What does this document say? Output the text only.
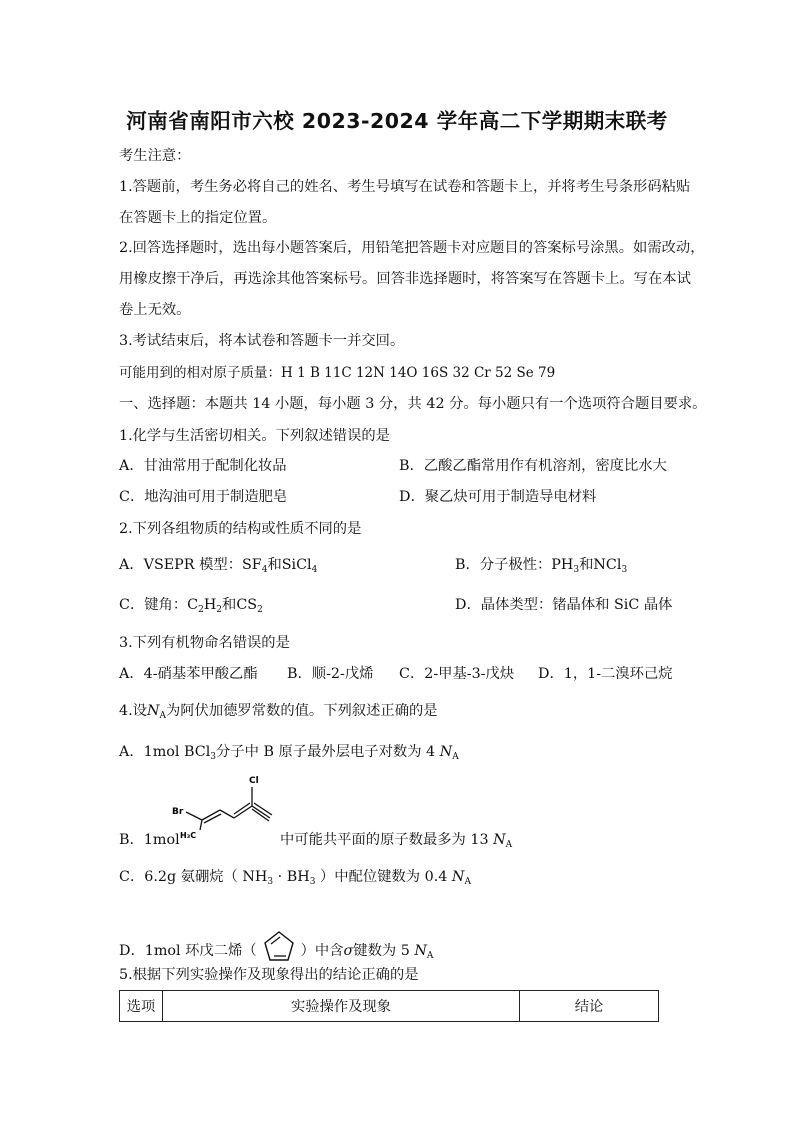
河南省南阳市六校 2023-2024 学年高二下学期期末联考
考生注意：
1.答题前，考生务必将自己的姓名、考生号填写在试卷和答题卡上，并将考生号条形码粘贴
在答题卡上的指定位置。
2.回答选择题时，选出每小题答案后，用铅笔把答题卡对应题目的答案标号涂黑。如需改动，
用橡皮擦干净后，再选涂其他答案标号。回答非选择题时，将答案写在答题卡上。写在本试
卷上无效。
3.考试结束后，将本试卷和答题卡一并交回。
可能用到的相对原子质量：H 1 B 11C 12N 14O 16S 32 Cr 52 Se 79
一、选择题：本题共 14 小题，每小题 3 分，共 42 分。每小题只有一个选项符合题目要求。
1.化学与生活密切相关。下列叙述错误的是
A．甘油常用于配制化妆品	B．乙酸乙酯常用作有机溶剂，密度比水大
C．地沟油可用于制造肥皂	D．聚乙炔可用于制造导电材料
2.下列各组物质的结构或性质不同的是
A．VSEPR 模型：$SF_4$和SiCl$_4$	B．分子极性：$PH_3$和NCl$_3$
C．键角：$C_2H_2$和$CS_2$	D．晶体类型：锗晶体和 SiC 晶体
3.下列有机物命名错误的是
A．4-硝基苯甲酸乙酯 B．顺-2-戊烯 C．2-甲基-3-戊炔 D．1，1-二溴环己烷
4.设$N_A$为阿伏加德罗常数的值。下列叙述正确的是
A．1mol BCl$_3$分子中 B 原子最外层电子对数为 4 $N_A$
Br
H₃C
Cl
B．1mol	中可能共平面的原子数最多为 13 $N_A$
C．6.2g 氨硼烷（ $NH_3 \cdot BH_3$ ）中配位键数为 0.4 $N_A$
D．1mol 环戊二烯（	）中含σ键数为 5 $N_A$
5.根据下列实验操作及现象得出的结论正确的是
选项	实验操作及现象	结论
